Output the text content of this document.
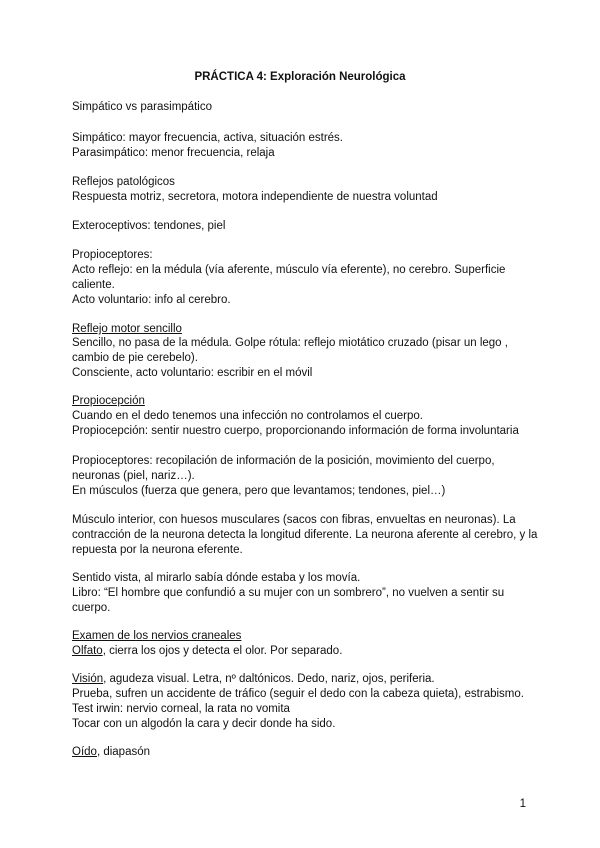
PRÁCTICA 4: Exploración Neurológica
Simpático vs parasimpático
Simpático: mayor frecuencia, activa, situación estrés.
Parasimpático: menor frecuencia, relaja
Reflejos patológicos
Respuesta motriz, secretora, motora independiente de nuestra voluntad
Exteroceptivos: tendones, piel
Propioceptores:
Acto reflejo: en la médula (vía aferente, músculo vía eferente), no cerebro. Superficie
caliente.
Acto voluntario: info al cerebro.
Reflejo motor sencillo
Sencillo, no pasa de la médula. Golpe rótula: reflejo miotático cruzado (pisar un lego ,
cambio de pie cerebelo).
Consciente, acto voluntario: escribir en el móvil
Propiocepción
Cuando en el dedo tenemos una infección no controlamos el cuerpo.
Propiocepción: sentir nuestro cuerpo, proporcionando información de forma involuntaria
Propioceptores: recopilación de información de la posición, movimiento del cuerpo,
neuronas (piel, nariz…).
En músculos (fuerza que genera, pero que levantamos; tendones, piel…)
Músculo interior, con huesos musculares (sacos con fibras, envueltas en neuronas). La
contracción de la neurona detecta la longitud diferente. La neurona aferente al cerebro, y la
repuesta por la neurona eferente.
Sentido vista, al mirarlo sabía dónde estaba y los movía.
Libro: “El hombre que confundió a su mujer con un sombrero”, no vuelven a sentir su
cuerpo.
Examen de los nervios craneales
Olfato, cierra los ojos y detecta el olor. Por separado.
Visión, agudeza visual. Letra, nº daltónicos. Dedo, nariz, ojos, periferia.
Prueba, sufren un accidente de tráfico (seguir el dedo con la cabeza quieta), estrabismo.
Test irwin: nervio corneal, la rata no vomita
Tocar con un algodón la cara y decir donde ha sido.
Oído, diapasón
1
